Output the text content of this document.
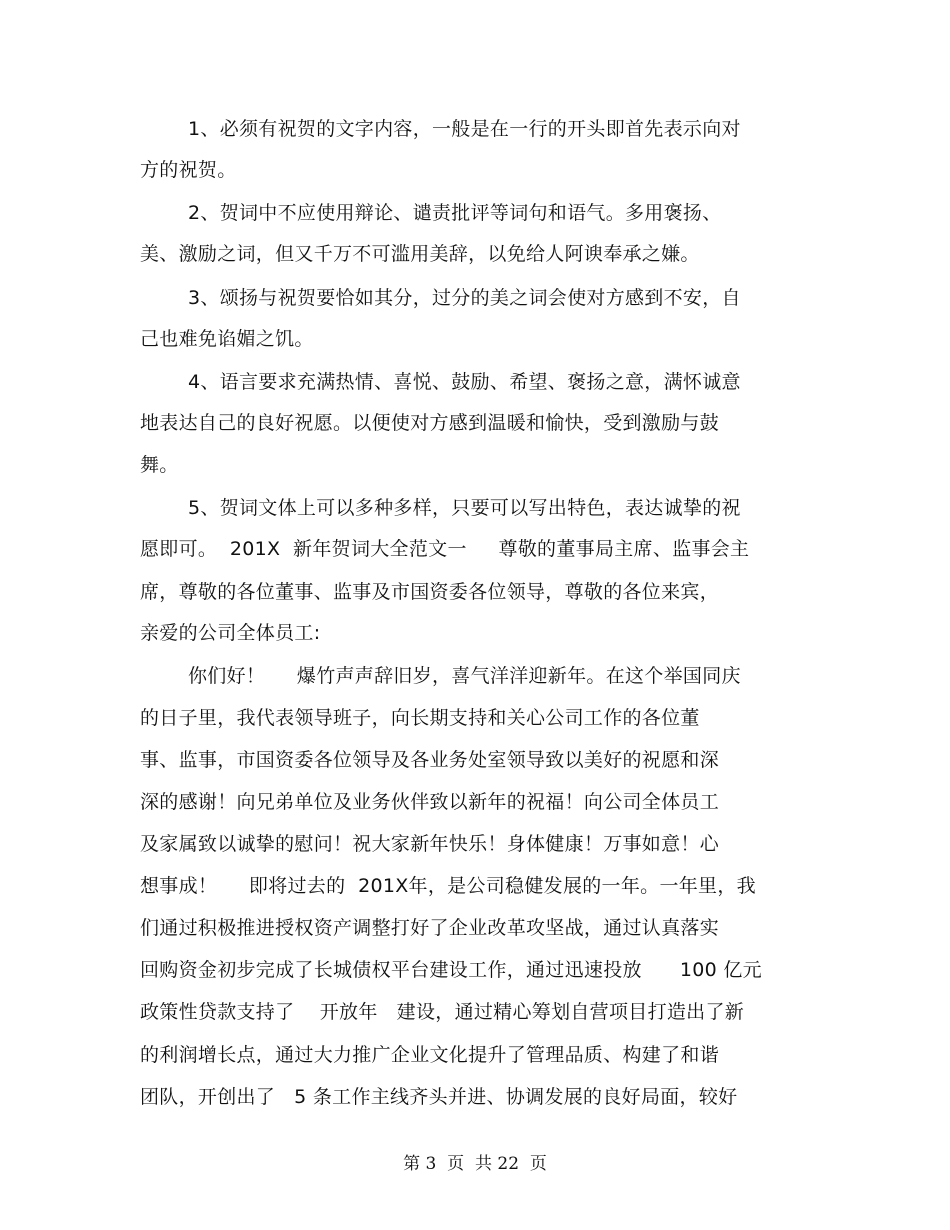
1、必须有祝贺的文字内容，一般是在一行的开头即首先表示向对
方的祝贺。
2、贺词中不应使用辩论、谴责批评等词句和语气。多用褒扬、
美、激励之词，但又千万不可滥用美辞，以免给人阿谀奉承之嫌。
3、颂扬与祝贺要恰如其分，过分的美之词会使对方感到不安，自
己也难免谄媚之饥。
4、语言要求充满热情、喜悦、鼓励、希望、褒扬之意，满怀诚意
地表达自己的良好祝愿。以便使对方感到温暖和愉快，受到激励与鼓
舞。
5、贺词文体上可以多种多样，只要可以写出特色，表达诚挚的祝
愿即可。  201X  新年贺词大全范文一     尊敬的董事局主席、监事会主
席，尊敬的各位董事、监事及市国资委各位领导，尊敬的各位来宾，
亲爱的公司全体员工:
你们好！     爆竹声声辞旧岁，喜气洋洋迎新年。在这个举国同庆
的日子里，我代表领导班子，向长期支持和关心公司工作的各位董
事、监事，市国资委各位领导及各业务处室领导致以美好的祝愿和深
深的感谢！向兄弟单位及业务伙伴致以新年的祝福！向公司全体员工
及家属致以诚挚的慰问！祝大家新年快乐！身体健康！万事如意！心
想事成！     即将过去的  201X年，是公司稳健发展的一年。一年里，我
们通过积极推进授权资产调整打好了企业改革攻坚战，通过认真落实
回购资金初步完成了长城债权平台建设工作，通过迅速投放      100 亿元
政策性贷款支持了    开放年   建设，通过精心筹划自营项目打造出了新
的利润增长点，通过大力推广企业文化提升了管理品质、构建了和谐
团队，开创出了   5 条工作主线齐头并进、协调发展的良好局面，较好
第 3  页  共 22  页
